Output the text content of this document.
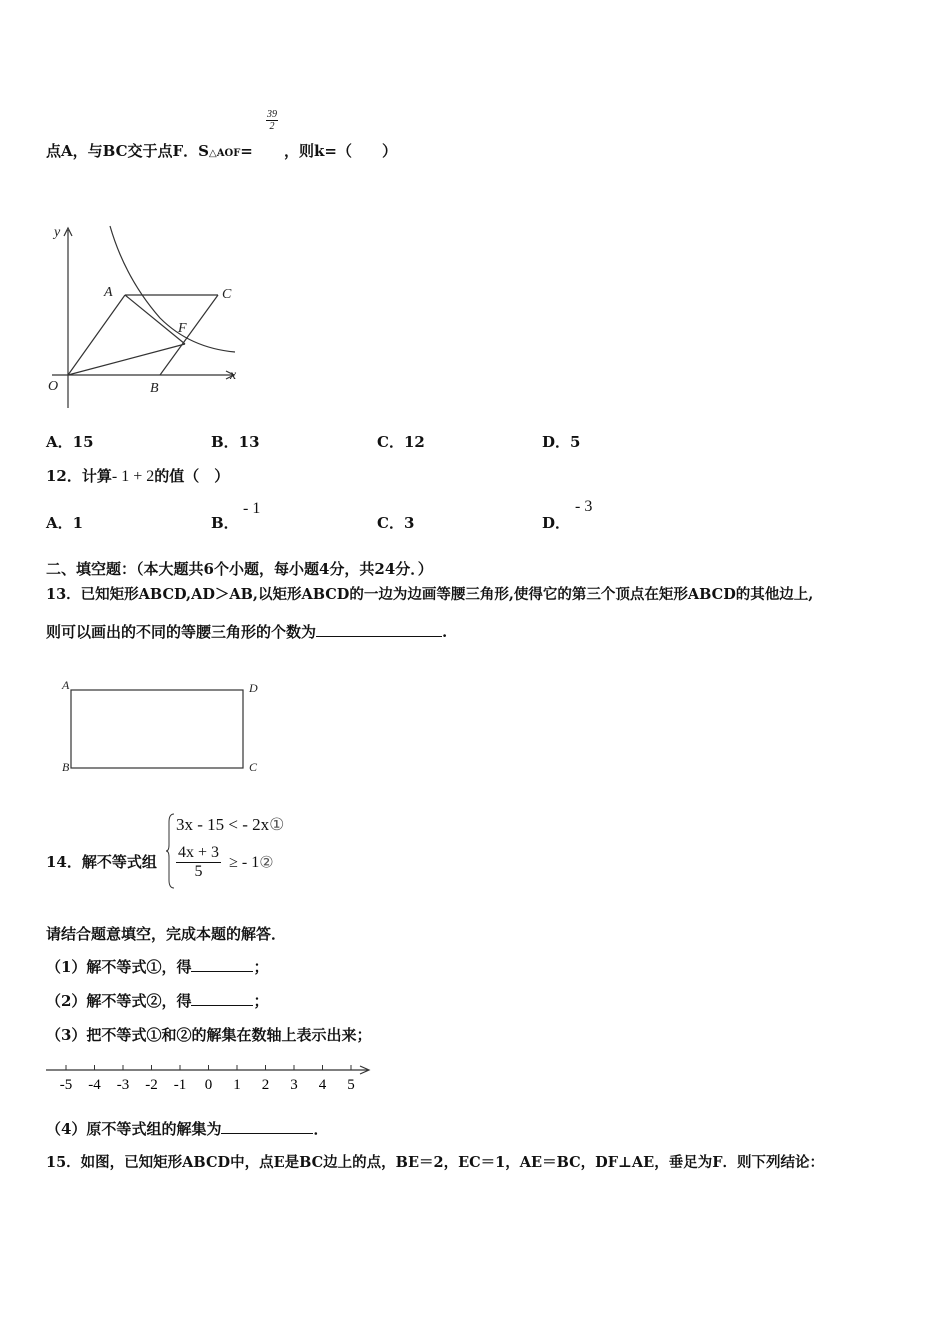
点A，与BC交于点F．S△AOF=
$\frac{39}{2}$
，则k=（　　）
y
A	C
F
O	B
x
A．15	B．13	C．12	D．5
12．计算- 1 + 2的值（　）
A．1	B．
- 1
C．3	D．
- 3
二、填空题：（本大题共6个小题，每小题4分，共24分．）
13．已知矩形ABCD,AD＞AB,以矩形ABCD的一边为边画等腰三角形,使得它的第三个顶点在矩形ABCD的其他边上,
则可以画出的不同的等腰三角形的个数为	.
A	D
B	C
14．解不等式组
3x - 15 < - 2x①
$\frac{4x + 3}{5}$ ≥ - 1②
请结合题意填空，完成本题的解答．
（1）解不等式①，得	；
（2）解不等式②，得	；
（3）把不等式①和②的解集在数轴上表示出来；
-5 -4 -3 -2 -1 0 1 2 3 4 5
（4）原不等式组的解集为	．
15．如图，已知矩形ABCD中，点E是BC边上的点，BE＝2，EC＝1，AE＝BC，DF⊥AE，垂足为F．则下列结论：
